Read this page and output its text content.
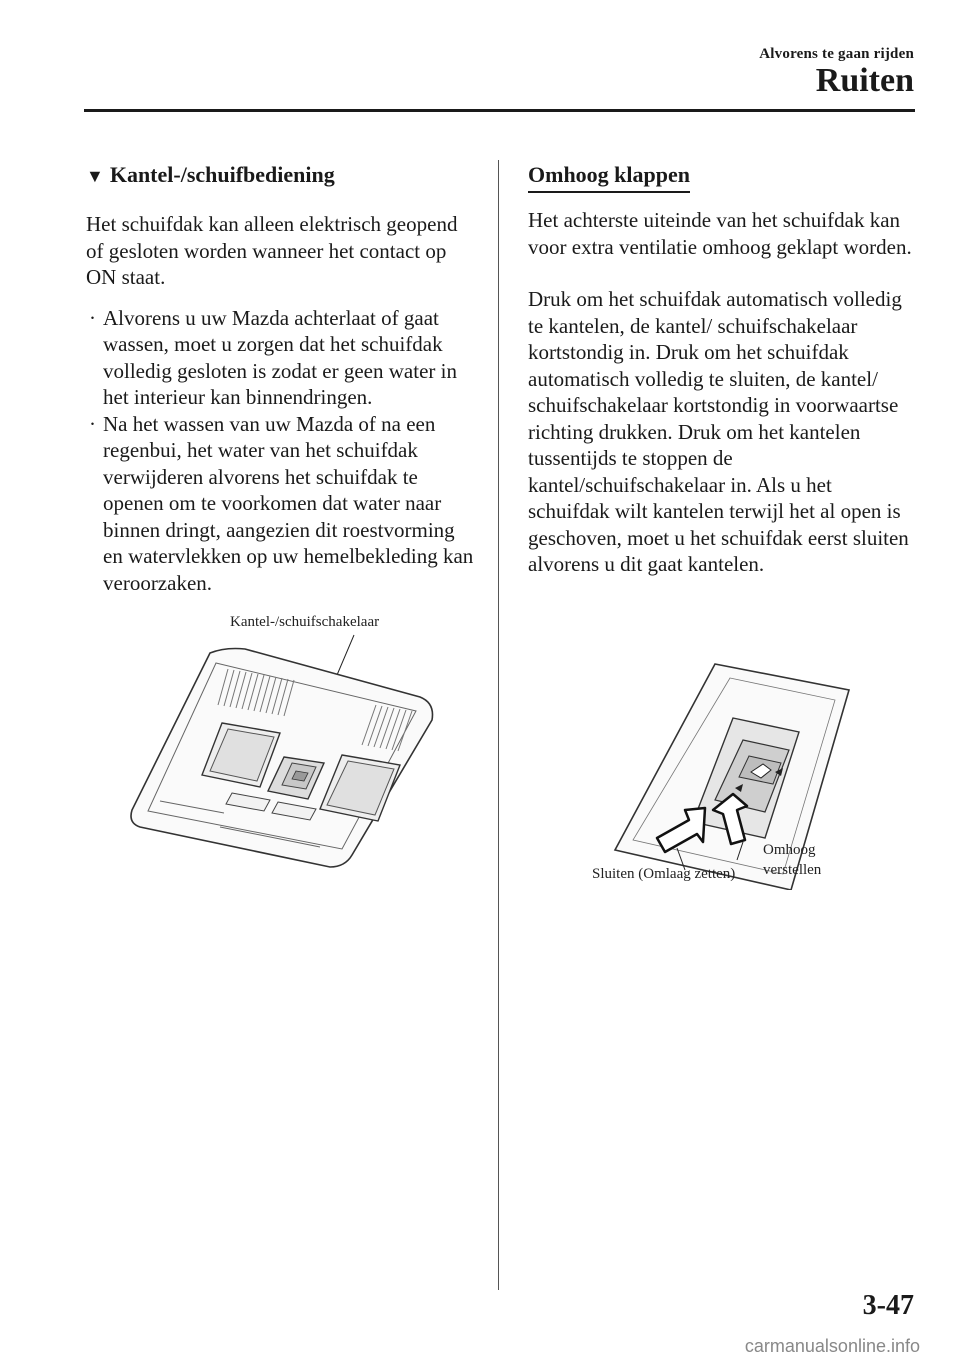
Alvorens te gaan rijden
Ruiten
▼ Kantel-/schuifbediening

Het schuifdak kan alleen elektrisch geopend of gesloten worden wanneer het contact op ON staat.

· Alvorens u uw Mazda achterlaat of gaat wassen, moet u zorgen dat het schuifdak volledig gesloten is zodat er geen water in het interieur kan binnendringen.
· Na het wassen van uw Mazda of na een regenbui, het water van het schuifdak verwijderen alvorens het schuifdak te openen om te voorkomen dat water naar binnen dringt, aangezien dit roestvorming en watervlekken op uw hemelbekleding kan veroorzaken.
Kantel-/schuifschakelaar
Omhoog klappen

Het achterste uiteinde van het schuifdak kan voor extra ventilatie omhoog geklapt worden.

Druk om het schuifdak automatisch volledig te kantelen, de kantel/ schuifschakelaar kortstondig in. Druk om het schuifdak automatisch volledig te sluiten, de kantel/ schuifschakelaar kortstondig in voorwaartse richting drukken. Druk om het kantelen tussentijds te stoppen de kantel/schuifschakelaar in. Als u het schuifdak wilt kantelen terwijl het al open is geschoven, moet u het schuifdak eerst sluiten alvorens u dit gaat kantelen.

Sluiten (Omlaag zetten)
Omhoog
verstellen
3-47
carmanualsonline.info
